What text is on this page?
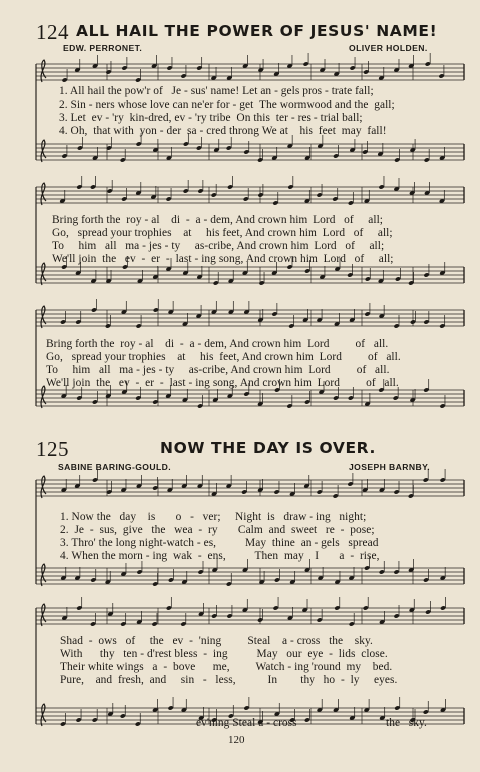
124 ALL HAIL THE POWER OF JESUS' NAME!
EDW. PERRONET.	OLIVER HOLDEN.
1. All hail the pow'r of   Je - sus' name! Let an - gels pros - trate fall;
2. Sin - ners whose love can ne'er for - get  The wormwood and the  gall;
3. Let  ev - 'ry  kin-dred, ev - 'ry tribe  On this  ter - res - trial ball;
4. Oh,  that with  yon - der  sa - cred throng We at    his  feet  may  fall!
Bring forth the  roy - al    di  -  a - dem, And crown him  Lord   of     all;
Go,   spread your trophies    at     his feet, And crown him  Lord   of     all;
To     him   all   ma - jes - ty     as-cribe, And crown him  Lord   of     all;
We'll join  the   ev  -  er  -  last - ing song, And crown him  Lord   of     all;
Bring forth the  roy - al    di  -  a - dem, And crown him  Lord         of   all.
Go,   spread your trophies    at     his  feet, And crown him  Lord         of   all.
To     him   all   ma - jes - ty     as-cribe, And crown him  Lord         of   all.
We'll join  the   ev  -  er  -  last - ing song, And crown him  Lord         of   all.
125	NOW THE DAY IS OVER.
SABINE BARING-GOULD.	JOSEPH BARNBY.
1. Now the   day    is       o   -   ver;     Night  is   draw - ing   night;
2.  Je  -  sus,  give   the   wea  -  ry       Calm  and  sweet   re  -  pose;
3. Thro' the long night-watch - es,          May  thine  an - gels   spread
4. When the morn - ing  wak  -  ens,          Then  may    I       a  -  rise,
Shad  -  ows   of     the   ev  -  'ning         Steal    a - cross   the    sky.
With      thy   ten - d'rest bless  -  ing          May   our  eye  -  lids  close.
Their white wings   a  -  bove      me,         Watch - ing 'round  my    bed.
Pure,    and  fresh,  and     sin   -   less,           In        thy   ho  -  ly     eyes.
ev'ning Steal a - cross	the   sky.
120
